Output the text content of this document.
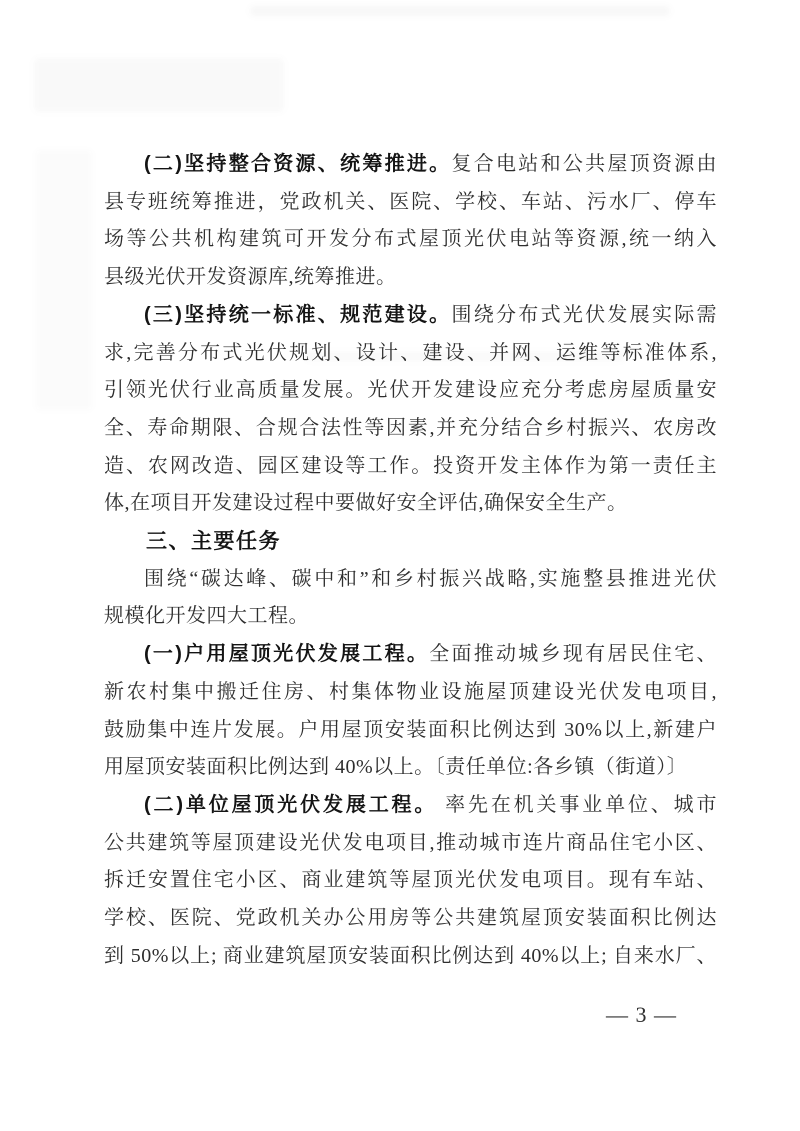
(二)坚持整合资源、统筹推进。复合电站和公共屋顶资源由
县专班统筹推进，党政机关、医院、学校、车站、污水厂、停车
场等公共机构建筑可开发分布式屋顶光伏电站等资源,统一纳入
县级光伏开发资源库,统筹推进。
(三)坚持统一标准、规范建设。围绕分布式光伏发展实际需
求,完善分布式光伏规划、设计、建设、并网、运维等标准体系,
引领光伏行业高质量发展。光伏开发建设应充分考虑房屋质量安
全、寿命期限、合规合法性等因素,并充分结合乡村振兴、农房改
造、农网改造、园区建设等工作。投资开发主体作为第一责任主
体,在项目开发建设过程中要做好安全评估,确保安全生产。
三、主要任务
围绕“碳达峰、碳中和”和乡村振兴战略,实施整县推进光伏
规模化开发四大工程。
(一)户用屋顶光伏发展工程。全面推动城乡现有居民住宅、
新农村集中搬迁住房、村集体物业设施屋顶建设光伏发电项目,
鼓励集中连片发展。户用屋顶安装面积比例达到 30%以上,新建户
用屋顶安装面积比例达到 40%以上。〔责任单位:各乡镇（街道）〕
(二)单位屋顶光伏发展工程。 率先在机关事业单位、城市
公共建筑等屋顶建设光伏发电项目,推动城市连片商品住宅小区、
拆迁安置住宅小区、商业建筑等屋顶光伏发电项目。现有车站、
学校、医院、党政机关办公用房等公共建筑屋顶安装面积比例达
到 50%以上; 商业建筑屋顶安装面积比例达到 40%以上; 自来水厂、
— 3 —
